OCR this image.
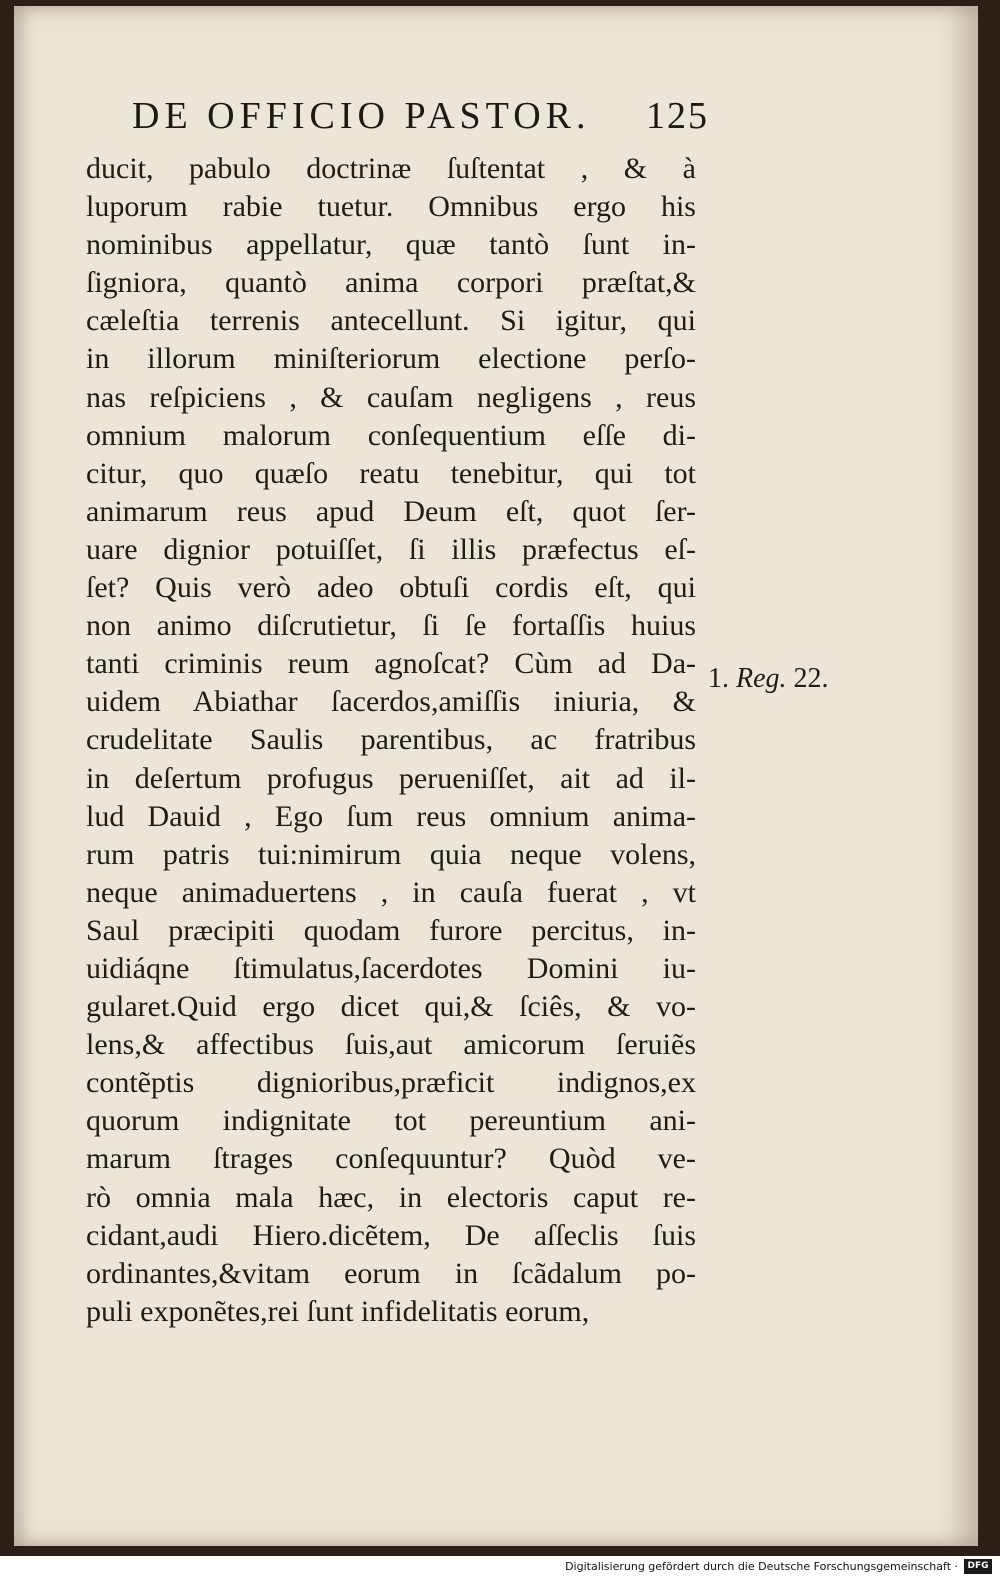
DE OFFICIO PASTOR. 125
ducit, pabulo doctrinæ ſuſtentat , & à
luporum rabie tuetur. Omnibus ergo his
nominibus appellatur, quæ tantò ſunt in-
ſigniora, quantò anima corpori præſtat,&
cæleſtia terrenis antecellunt. Si igitur, qui
in illorum miniſteriorum electione perſo-
nas reſpiciens , & cauſam negligens , reus
omnium malorum conſequentium eſſe di-
citur, quo quæſo reatu tenebitur, qui tot
animarum reus apud Deum eſt, quot ſer-
uare dignior potuiſſet, ſi illis præfectus eſ-
ſet? Quis verò adeo obtuſi cordis eſt, qui
non animo diſcrutietur, ſi ſe fortaſſis huius
tanti criminis reum agnoſcat? Cùm ad Da-
uidem Abiathar ſacerdos,amiſſis iniuria, &
crudelitate Saulis parentibus, ac fratribus
in deſertum profugus perueniſſet, ait ad il-
lud Dauid , Ego ſum reus omnium anima-
rum patris tui:nimirum quia neque volens,
neque animaduertens , in cauſa fuerat , vt
Saul præcipiti quodam furore percitus, in-
uidiáqne ſtimulatus,ſacerdotes Domini iu-
gularet.Quid ergo dicet qui,& ſciês, & vo-
lens,& affectibus ſuis,aut amicorum ſeruiẽs
contẽptis dignioribus,præficit indignos,ex
quorum indignitate tot pereuntium ani-
marum ſtrages conſequuntur? Quòd ve-
rò omnia mala hæc, in electoris caput re-
cidant,audi Hiero.dicẽtem, De aſſeclis ſuis
ordinantes,&vitam eorum in ſcãdalum po-
puli exponẽtes,rei ſunt infidelitatis eorum,
1. Reg. 22.
Digitalisierung gefördert durch die Deutsche Forschungsgemeinschaft ·	DFG
